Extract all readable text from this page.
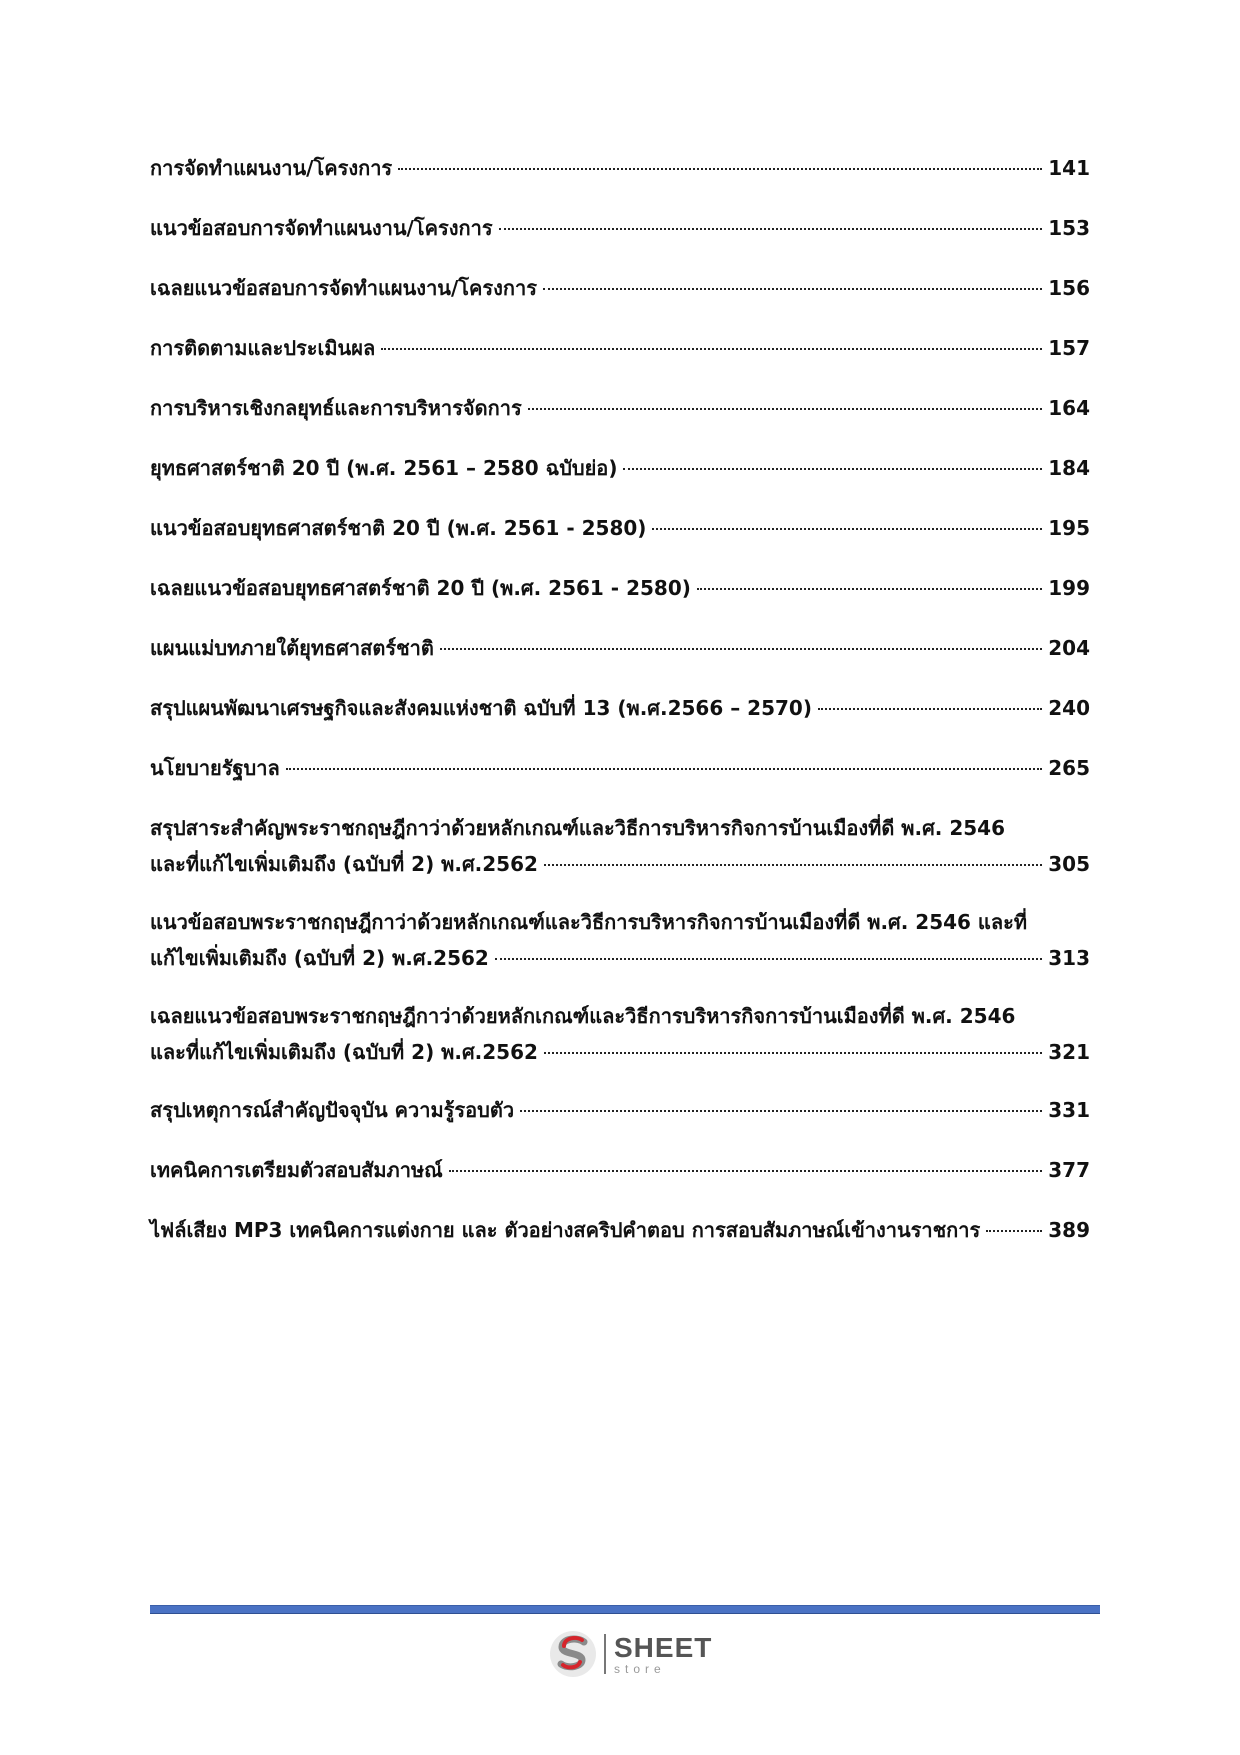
การจัดทำแผนงาน/โครงการ	141
แนวข้อสอบการจัดทำแผนงาน/โครงการ	153
เฉลยแนวข้อสอบการจัดทำแผนงาน/โครงการ	156
การติดตามและประเมินผล	157
การบริหารเชิงกลยุทธ์และการบริหารจัดการ	164
ยุทธศาสตร์ชาติ 20 ปี (พ.ศ. 2561 – 2580 ฉบับย่อ)	184
แนวข้อสอบยุทธศาสตร์ชาติ 20 ปี (พ.ศ. 2561 - 2580)	195
เฉลยแนวข้อสอบยุทธศาสตร์ชาติ 20 ปี (พ.ศ. 2561 - 2580)	199
แผนแม่บทภายใต้ยุทธศาสตร์ชาติ	204
สรุปแผนพัฒนาเศรษฐกิจและสังคมแห่งชาติ ฉบับที่ 13 (พ.ศ.2566 – 2570)	240
นโยบายรัฐบาล	265
สรุปสาระสำคัญพระราชกฤษฎีกาว่าด้วยหลักเกณฑ์และวิธีการบริหารกิจการบ้านเมืองที่ดี พ.ศ. 2546
และที่แก้ไขเพิ่มเติมถึง (ฉบับที่ 2) พ.ศ.2562	305
แนวข้อสอบพระราชกฤษฎีกาว่าด้วยหลักเกณฑ์และวิธีการบริหารกิจการบ้านเมืองที่ดี พ.ศ. 2546 และที่
แก้ไขเพิ่มเติมถึง (ฉบับที่ 2) พ.ศ.2562	313
เฉลยแนวข้อสอบพระราชกฤษฎีกาว่าด้วยหลักเกณฑ์และวิธีการบริหารกิจการบ้านเมืองที่ดี พ.ศ. 2546
และที่แก้ไขเพิ่มเติมถึง (ฉบับที่ 2) พ.ศ.2562	321
สรุปเหตุการณ์สำคัญปัจจุบัน ความรู้รอบตัว	331
เทคนิคการเตรียมตัวสอบสัมภาษณ์	377
ไฟล์เสียง MP3 เทคนิคการแต่งกาย และ ตัวอย่างสคริปคำตอบ การสอบสัมภาษณ์เข้างานราชการ	389
SHEET
store
